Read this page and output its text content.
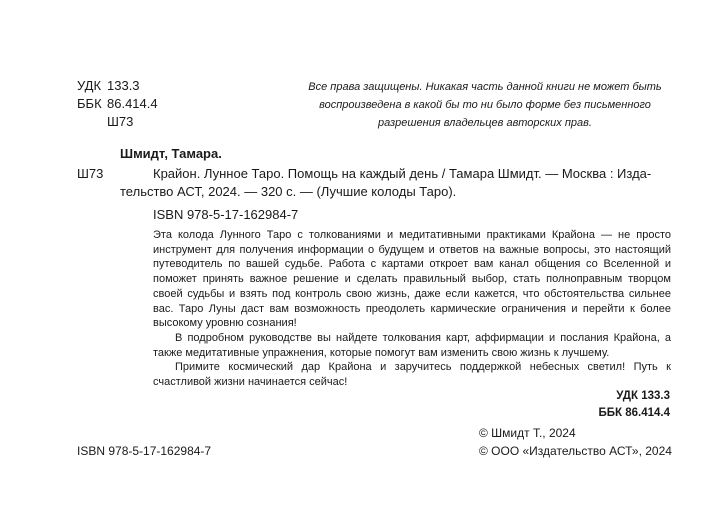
УДК 133.3
ББК 86.414.4
Ш73
Все права защищены. Никакая часть данной книги не может быть
воспроизведена в какой бы то ни было форме без письменного
разрешения владельцев авторских прав.
Шмидт, Тамара.
Ш73	Крайон. Лунное Таро. Помощь на каждый день / Тамара Шмидт. — Москва : Изда-
тельство АСТ, 2024. — 320 с. — (Лучшие колоды Таро).
ISBN 978-5-17-162984-7

Эта колода Лунного Таро с толкованиями и медитативными практиками Крайона — не просто инструмент для получения информации о будущем и ответов на важные вопросы, это настоящий путеводитель по вашей судьбе. Работа с картами откроет вам канал общения со Вселенной и поможет принять важное решение и сделать правильный выбор, стать полноправным творцом своей судьбы и взять под контроль свою жизнь, даже если кажется, что обстоятельства сильнее вас. Таро Луны даст вам возможность преодолеть кармические ограничения и перейти к более высокому уровню сознания!

В подробном руководстве вы найдете толкования карт, аффирмации и послания Крайона, а также медитативные упражнения, которые помогут вам изменить свою жизнь к лучшему.

Примите космический дар Крайона и заручитесь поддержкой небесных светил! Путь к счастливой жизни начинается сейчас!

УДК 133.3
ББК 86.414.4
© Шмидт Т., 2024
© ООО «Издательство АСТ», 2024
ISBN 978-5-17-162984-7
